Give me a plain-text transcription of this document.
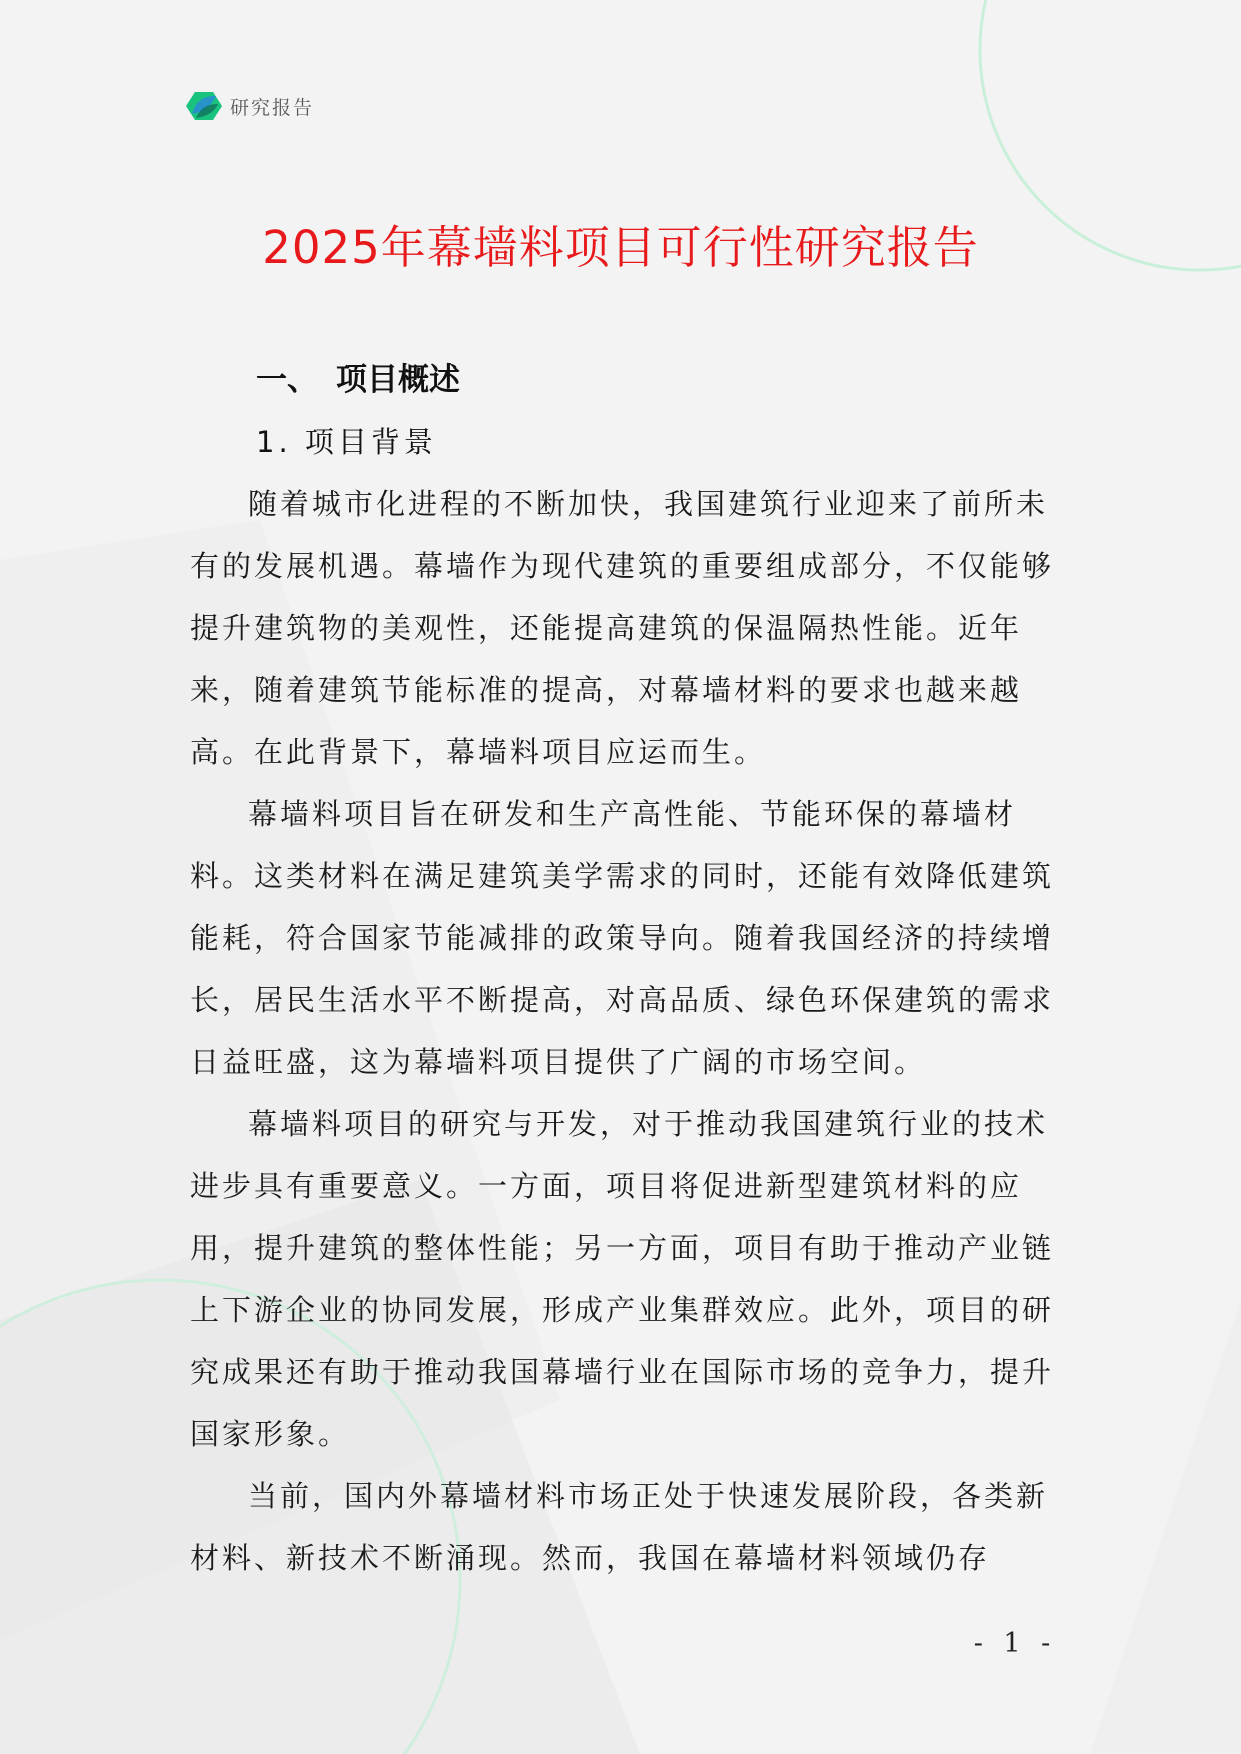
研究报告
2025年幕墙料项目可行性研究报告
一、 项目概述
1. 项目背景

随着城市化进程的不断加快，我国建筑行业迎来了前所未有的发展机遇。幕墙作为现代建筑的重要组成部分，不仅能够提升建筑物的美观性，还能提高建筑的保温隔热性能。近年来，随着建筑节能标准的提高，对幕墙材料的要求也越来越高。在此背景下，幕墙料项目应运而生。

幕墙料项目旨在研发和生产高性能、节能环保的幕墙材料。这类材料在满足建筑美学需求的同时，还能有效降低建筑能耗，符合国家节能减排的政策导向。随着我国经济的持续增长，居民生活水平不断提高，对高品质、绿色环保建筑的需求日益旺盛，这为幕墙料项目提供了广阔的市场空间。

幕墙料项目的研究与开发，对于推动我国建筑行业的技术进步具有重要意义。一方面，项目将促进新型建筑材料的应用，提升建筑的整体性能；另一方面，项目有助于推动产业链上下游企业的协同发展，形成产业集群效应。此外，项目的研究成果还有助于推动我国幕墙行业在国际市场的竞争力，提升国家形象。

当前，国内外幕墙材料市场正处于快速发展阶段，各类新材料、新技术不断涌现。然而，我国在幕墙材料领域仍存

- 1 -
